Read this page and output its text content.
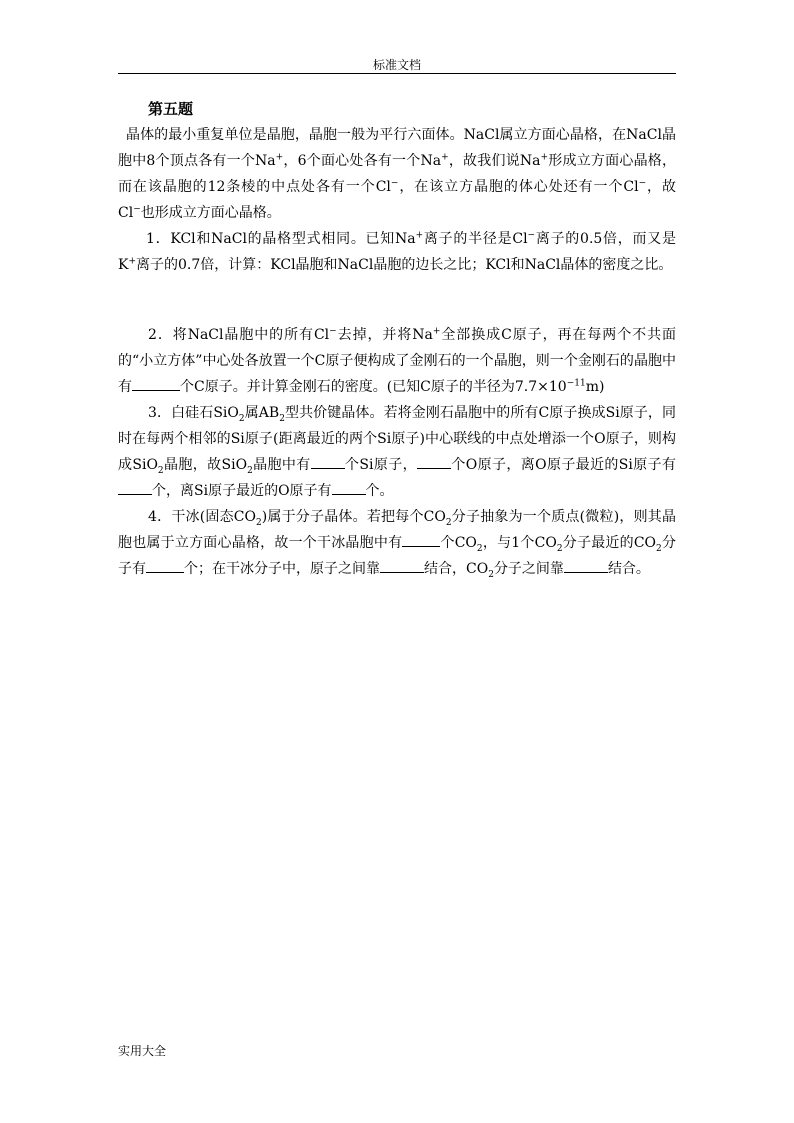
标准文档

第五题

晶体的最小重复单位是晶胞，晶胞一般为平行六面体。NaCl属立方面心晶格，在NaCl晶胞中8个顶点各有一个Na+，6个面心处各有一个Na+，故我们说Na+形成立方面心晶格，而在该晶胞的12条棱的中点处各有一个Cl−，在该立方晶胞的体心处还有一个Cl−，故Cl−也形成立方面心晶格。

1．KCl和NaCl的晶格型式相同。已知Na+离子的半径是Cl−离子的0.5倍，而又是K+离子的0.7倍，计算：KCl晶胞和NaCl晶胞的边长之比；KCl和NaCl晶体的密度之比。

2．将NaCl晶胞中的所有Cl−去掉，并将Na+全部换成C原子，再在每两个不共面的“小立方体”中心处各放置一个C原子便构成了金刚石的一个晶胞，则一个金刚石的晶胞中有	个C原子。并计算金刚石的密度。(已知C原子的半径为$7.7\times 10^{-11}m$)

3．白硅石SiO$_2$属$AB_2$型共价键晶体。若将金刚石晶胞中的所有C原子换成Si原子，同时在每两个相邻的Si原子(距离最近的两个Si原子)中心联线的中点处增添一个O原子，则构成SiO$_2$晶胞，故SiO$_2$晶胞中有 个Si原子， 个O原子，离O原子最近的Si原子有个，离Si原子最近的O原子有 个。

4．干冰(固态$CO_2$)属于分子晶体。若把每个$CO_2$分子抽象为一个质点(微粒)，则其晶胞也属于立方面心晶格，故一个干冰晶胞中有	个$CO_2$，与1个$CO_2$分子最近的$CO_2$分子有	个；在干冰分子中，原子之间靠	结合，$CO_2$分子之间靠	结合。

实用大全
